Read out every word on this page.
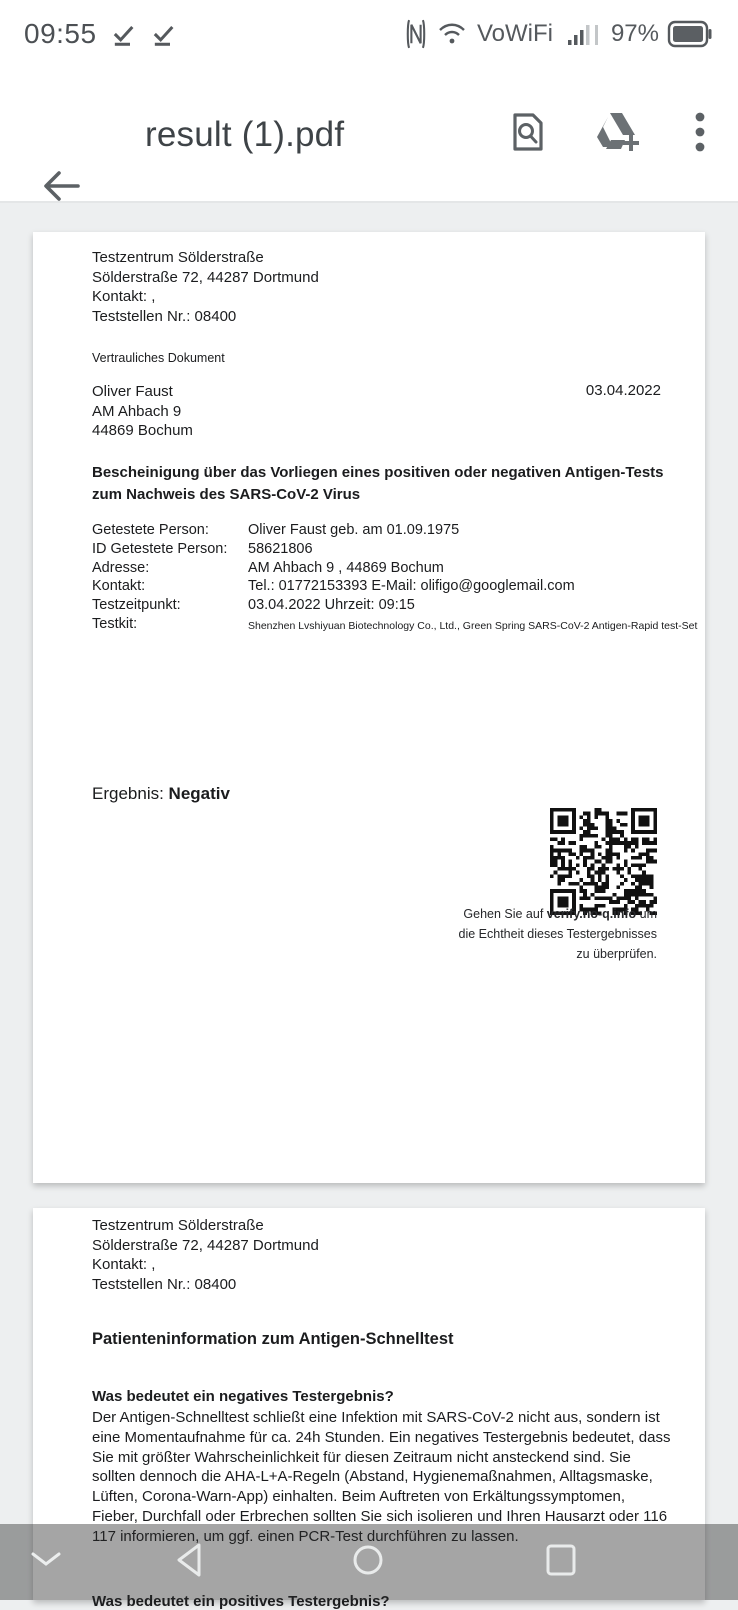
09:55	VoWiFi 97%
result (1).pdf
Testzentrum Sölderstraße
Sölderstraße 72, 44287 Dortmund
Kontakt: ,
Teststellen Nr.: 08400
Vertrauliches Dokument
Oliver Faust
AM Ahbach 9
44869 Bochum
03.04.2022
Bescheinigung über das Vorliegen eines positiven oder negativen Antigen-Tests zum Nachweis des SARS-CoV-2 Virus
Getestete Person:	Oliver Faust geb. am 01.09.1975
ID Getestete Person: 58621806
Adresse:	AM Ahbach 9 , 44869 Bochum
Kontakt:	Tel.: 01772153393 E-Mail: olifigo@googlemail.com
Testzeitpunkt:	03.04.2022 Uhrzeit: 09:15
Testkit:	Shenzhen Lvshiyuan Biotechnology Co., Ltd., Green Spring SARS-CoV-2 Antigen-Rapid test-Set
Ergebnis: Negativ
Gehen Sie auf verify.no-q.info um
die Echtheit dieses Testergebnisses
zu überprüfen.
Testzentrum Sölderstraße
Sölderstraße 72, 44287 Dortmund
Kontakt: ,
Teststellen Nr.: 08400
Patienteninformation zum Antigen-Schnelltest
Was bedeutet ein negatives Testergebnis?
Der Antigen-Schnelltest schließt eine Infektion mit SARS-CoV-2 nicht aus, sondern ist eine Momentaufnahme für ca. 24h Stunden. Ein negatives Testergebnis bedeutet, dass Sie mit größter Wahrscheinlichkeit für diesen Zeitraum nicht ansteckend sind. Sie sollten dennoch die AHA-L+A-Regeln (Abstand, Hygienemaßnahmen, Alltagsmaske, Lüften, Corona-Warn-App) einhalten. Beim Auftreten von Erkältungssymptomen, Fieber, Durchfall oder Erbrechen sollten Sie sich isolieren und Ihren Hausarzt oder 116 117 informieren, um ggf. einen PCR-Test durchführen zu lassen.
Was bedeutet ein positives Testergebnis?
